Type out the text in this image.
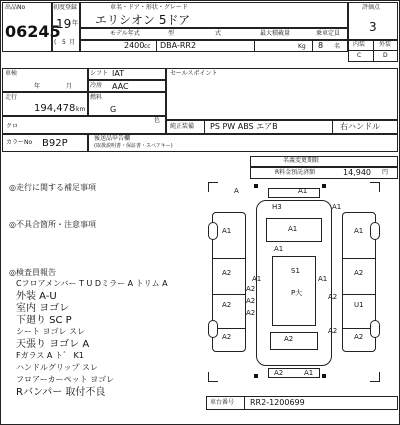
出品No
06245
初度登録
19 年
( 5 月
車名・ドア・形状・グレード
エリシオン 5ドア
モデル年式	型	式	最大積載量	乗車定員
2400 cc DBA-RR2	Kg 8 名
評価点
3
内装 外装
C	D
車検
年	月
シフト IAT
冷房 AAC
走行
194,478 km
燃料
G
クロ
色
カラーNo B92P
セールスポイント
純正装備 PS PW ABS エアB	右ハンドル
後送品申告欄
(取扱説明書・保証書・スペアキー)
名義変更期限
R料金預託済額	14,940 円
◎走行に関する補足事項
◎不具合箇所・注意事項
◎検査員報告
Cフロアメンバー T U Dミラー A トリム A
外装 A-U
室内 ヨゴレ
下廻り SC P
シート ヨゴレ スレ
天張り ヨゴレ A
Fガラス A ト゛ K1
ハンドルグリップ スレ
フロアーカーペット ヨゴレ
Rバンパー 取付不良
A	A1
H3	A1
A1	A1	A1
A1
A2
A1	A1
S1	A2
A2
A2
A2
A2
P大	A2
U1
A2
A2
A2	A2
A2	A1
車台番号 RR2-1200699
